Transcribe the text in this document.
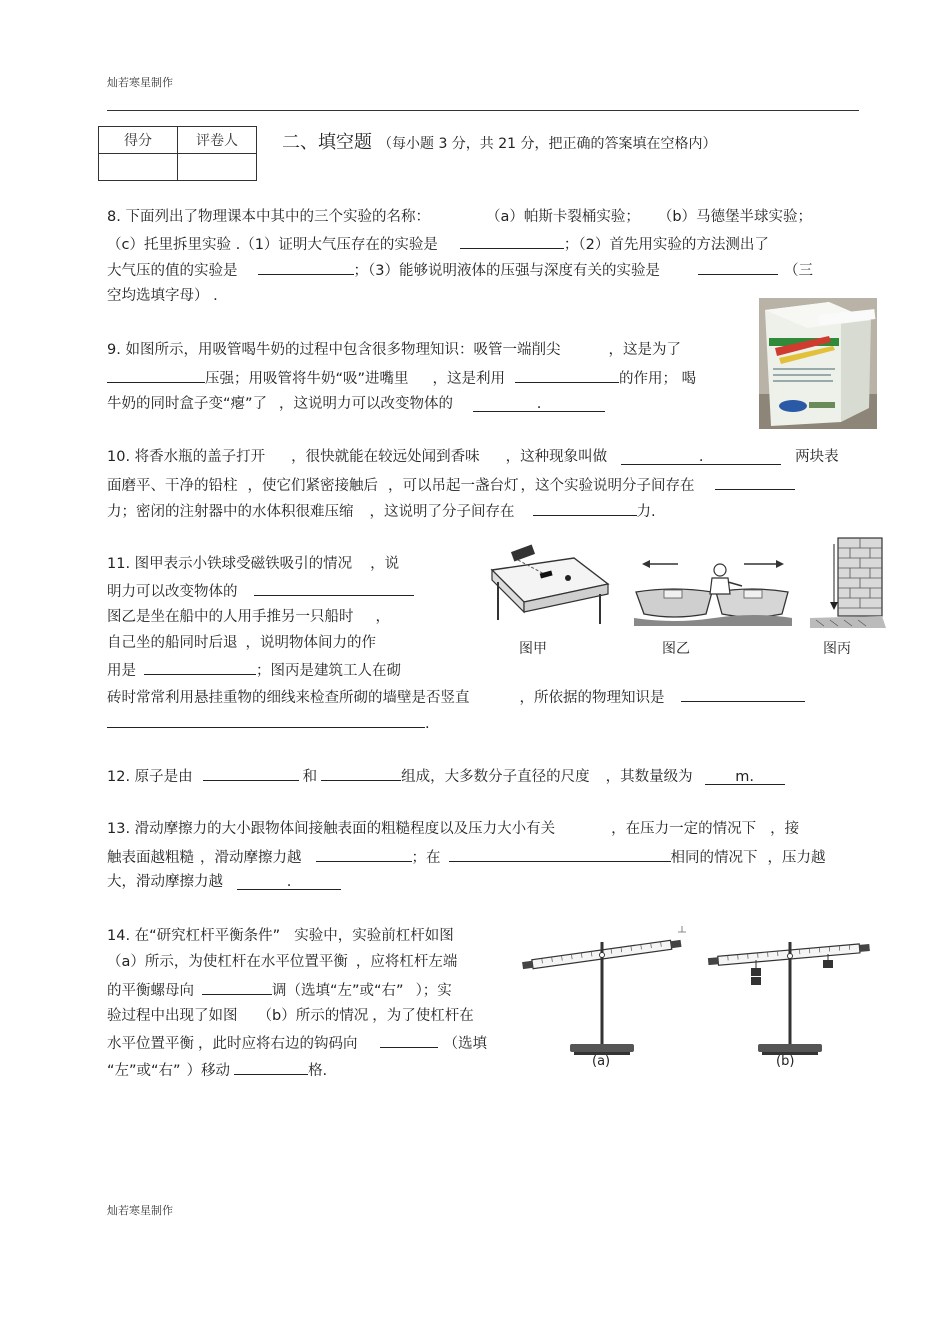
灿若寒星制作
得分	评卷人
	二、填空题 （每小题 3 分，共 21 分，把正确的答案填在空格内）
8. 下面列出了物理课本中其中的三个实验的名称：	（a）帕斯卡裂桶实验； （b）马德堡半球实验；
（c）托里拆里实验 .（1）证明大气压存在的实验是	；（2）首先用实验的方法测出了
大气压的值的实验是	；（3）能够说明液体的压强与深度有关的实验是	（三
空均选填字母） .
9. 如图所示，用吸管喝牛奶的过程中包含很多物理知识：吸管一端削尖	，这是为了
压强；用吸管将牛奶“吸”进嘴里 ，这是利用	的作用； 喝
牛奶的同时盒子变“瘪”了 ，这说明力可以改变物体的	.
10. 将香水瓶的盖子打开 ，很快就能在较远处闻到香味 ，这种现象叫做	.	两块表
面磨平、干净的铅柱 ，使它们紧密接触后 ，可以吊起一盏台灯 ，这个实验说明分子间存在
力；密闭的注射器中的水体积很难压缩 ，这说明了分子间存在	力.
11. 图甲表示小铁球受磁铁吸引的情况 ，说
明力可以改变物体的
图乙是坐在船中的人用手推另一只船时 ，
自己坐的船同时后退 ，说明物体间力的作
用是	；图丙是建筑工人在砌
砖时常常利用悬挂重物的细线来检查所砌的墙壁是否竖直	，所依据的物理知识是
.
图甲	图乙	图丙
12. 原子是由	和	组成，大多数分子直径的尺度 ，其数量级为	m.
13. 滑动摩擦力的大小跟物体间接触表面的粗糙程度以及压力大小有关	，在压力一定的情况下 ，接
触表面越粗糙 ，滑动摩擦力越	；在	相同的情况下 ，压力越
大，滑动摩擦力越	.
14. 在“研究杠杆平衡条件” 实验中，实验前杠杆如图
（a）所示，为使杠杆在水平位置平衡 ，应将杠杆左端
的平衡螺母向	调（选填“左”或“右” ）；实
验过程中出现了如图 （b）所示的情况 ，为了使杠杆在
水平位置平衡 ，此时应将右边的钩码向	（选填
“左”或“右” ）移动	格.
(a)	(b)
灿若寒星制作
